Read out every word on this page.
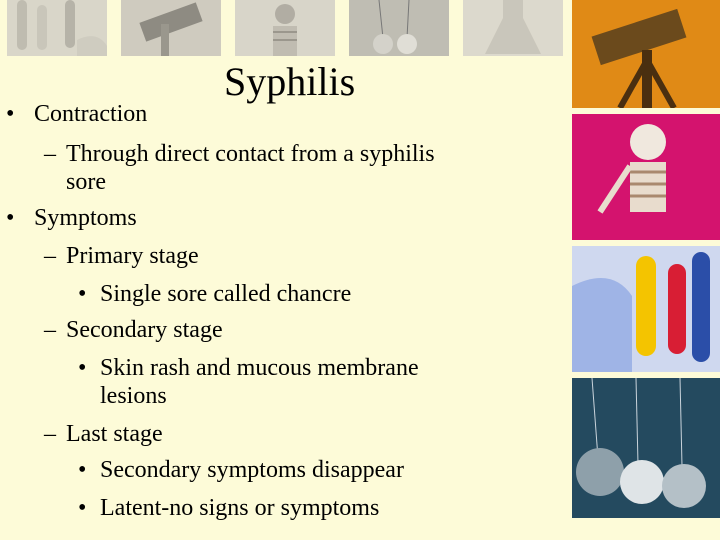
Syphilis
• Contraction
– Through direct contact from a syphilis
sore
• Symptoms
– Primary stage
• Single sore called chancre
– Secondary stage
• Skin rash and mucous membrane
lesions
– Last stage
• Secondary symptoms disappear
• Latent-no signs or symptoms
